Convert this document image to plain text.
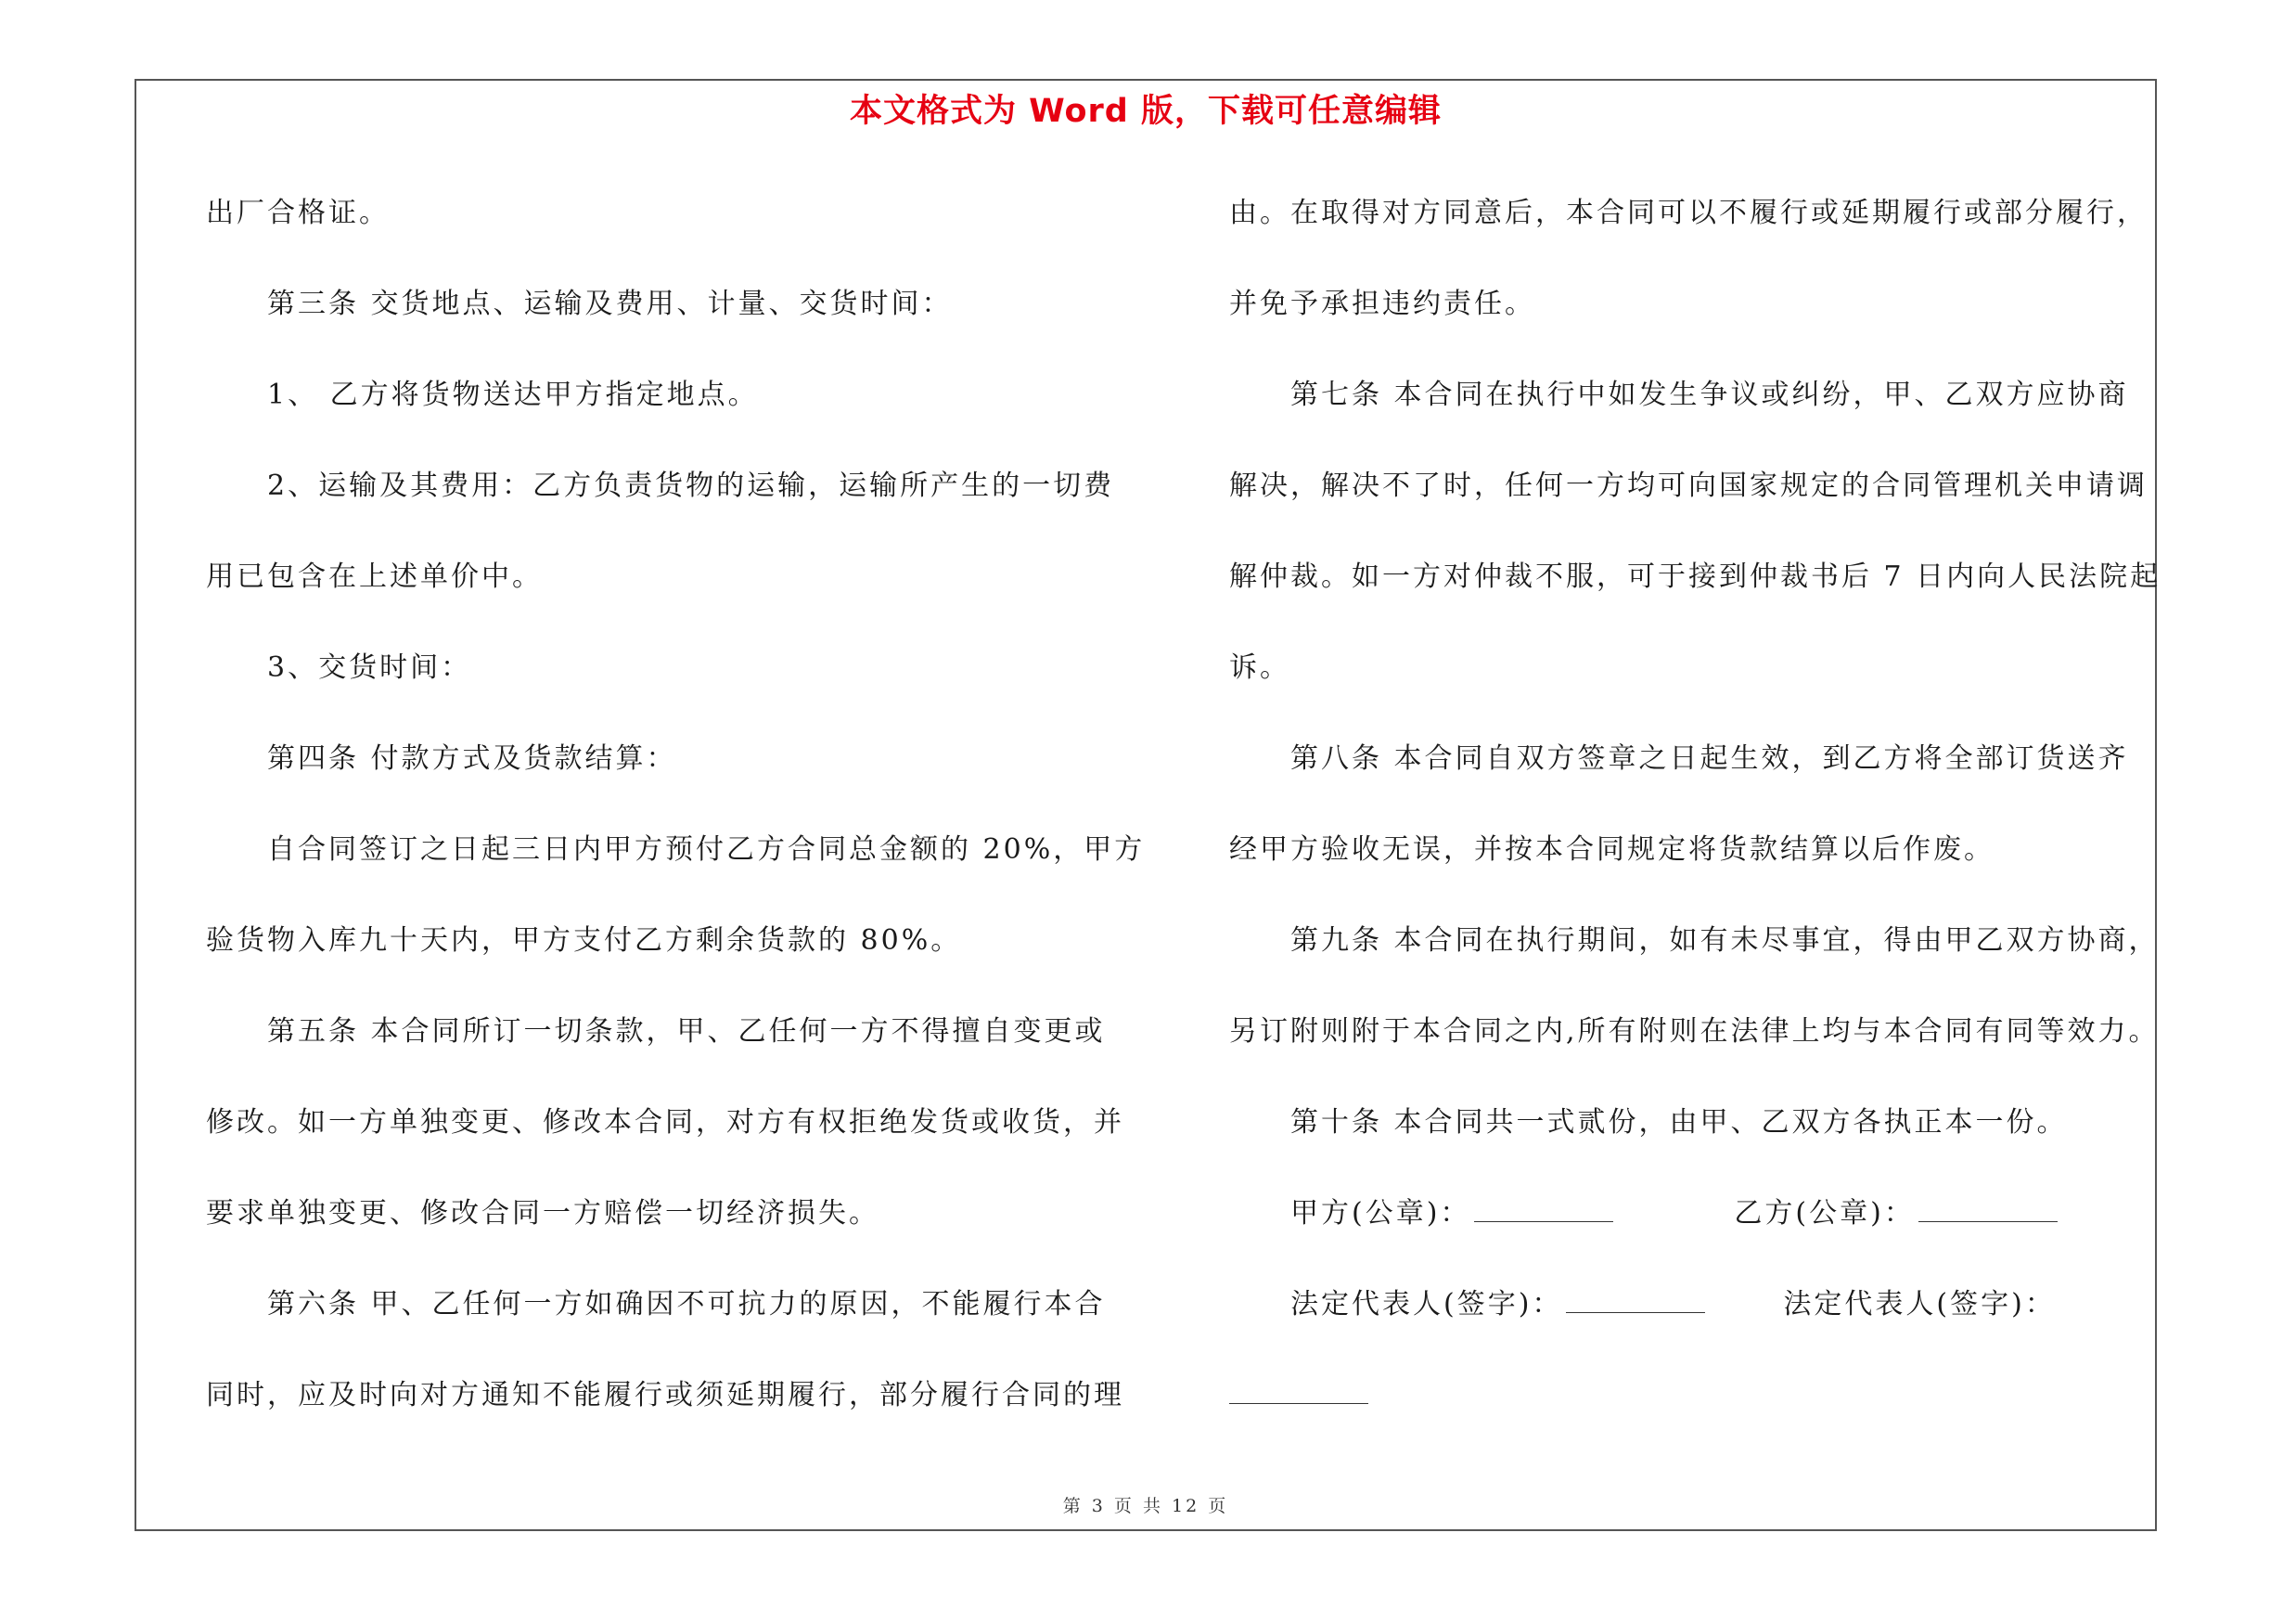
本文格式为 Word 版，下载可任意编辑
出厂合格证。
第三条 交货地点、运输及费用、计量、交货时间：
1、 乙方将货物送达甲方指定地点。
2、运输及其费用：乙方负责货物的运输，运输所产生的一切费
用已包含在上述单价中。
3、交货时间：
第四条 付款方式及货款结算：
自合同签订之日起三日内甲方预付乙方合同总金额的 20%，甲方
验货物入库九十天内，甲方支付乙方剩余货款的 80%。
第五条 本合同所订一切条款，甲、乙任何一方不得擅自变更或
修改。如一方单独变更、修改本合同，对方有权拒绝发货或收货，并
要求单独变更、修改合同一方赔偿一切经济损失。
第六条 甲、乙任何一方如确因不可抗力的原因，不能履行本合
同时，应及时向对方通知不能履行或须延期履行，部分履行合同的理
由。在取得对方同意后，本合同可以不履行或延期履行或部分履行，
并免予承担违约责任。
第七条 本合同在执行中如发生争议或纠纷，甲、乙双方应协商
解决，解决不了时，任何一方均可向国家规定的合同管理机关申请调
解仲裁。如一方对仲裁不服，可于接到仲裁书后 7 日内向人民法院起
诉。
第八条 本合同自双方签章之日起生效，到乙方将全部订货送齐
经甲方验收无误，并按本合同规定将货款结算以后作废。
第九条 本合同在执行期间，如有未尽事宜，得由甲乙双方协商，
另订附则附于本合同之内,所有附则在法律上均与本合同有同等效力。
第十条 本合同共一式贰份，由甲、乙双方各执正本一份。
甲方(公章)：	乙方(公章)：
法定代表人(签字)：	法定代表人(签字)：
第 3 页 共 12 页
